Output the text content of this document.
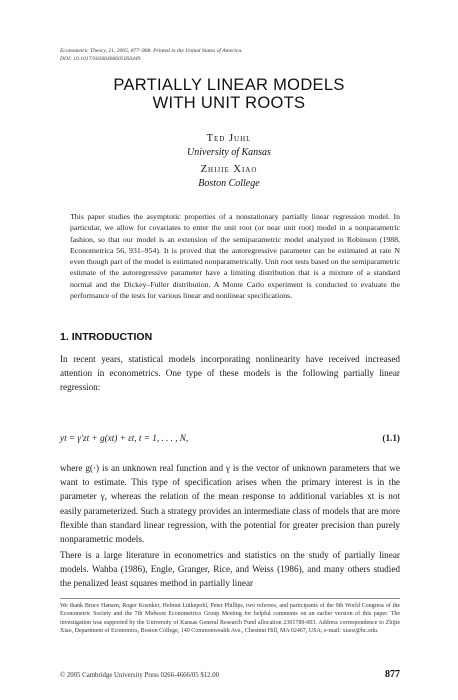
Econometric Theory, 21, 2005, 877–908. Printed in the United States of America.
DOI: 10.1017/S0266466605050449
PARTIALLY LINEAR MODELS
WITH UNIT ROOTS
Ted Juhl
University of Kansas
Zhijie Xiao
Boston College
This paper studies the asymptotic properties of a nonstationary partially linear regression model. In particular, we allow for covariates to enter the unit root (or near unit root) model in a nonparametric fashion, so that our model is an extension of the semiparametric model analyzed in Robinson (1988, Econometrica 56, 931–954). It is proved that the autoregressive parameter can be estimated at rate N even though part of the model is estimated nonparametrically. Unit root tests based on the semiparametric estimate of the autoregressive parameter have a limiting distribution that is a mixture of a standard normal and the Dickey–Fuller distribution. A Monte Carlo experiment is conducted to evaluate the performance of the tests for various linear and nonlinear specifications.
1. INTRODUCTION
In recent years, statistical models incorporating nonlinearity have received increased attention in econometrics. One type of these models is the following partially linear regression:
yt = γ′zt + g(xt) + εt, t = 1, . . . , N,	(1.1)
where g(·) is an unknown real function and γ is the vector of unknown parameters that we want to estimate. This type of specification arises when the primary interest is in the parameter γ, whereas the relation of the mean response to additional variables xt is not easily parameterized. Such a strategy provides an intermediate class of models that are more flexible than standard linear regression, with the potential for greater precision than purely nonparametric models.
There is a large literature in econometrics and statistics on the study of partially linear models. Wahba (1986), Engle, Granger, Rice, and Weiss (1986), and many others studied the penalized least squares method in partially linear
We thank Bruce Hansen, Roger Koenker, Helmut Lütkepohl, Peter Phillips, two referees, and participants of the 9th World Congress of the Econometric Society and the 7th Midwest Econometrics Group Meeting for helpful comments on an earlier version of this paper. The investigation was supported by the University of Kansas General Research Fund allocation 2301789-003. Address correspondence to Zhijie Xiao, Department of Economics, Boston College, 140 Commonwealth Ave., Chestnut Hill, MA 02467, USA; e-mail: xiaoz@bc.edu.
© 2005 Cambridge University Press 0266-4666/05 $12.00	877
